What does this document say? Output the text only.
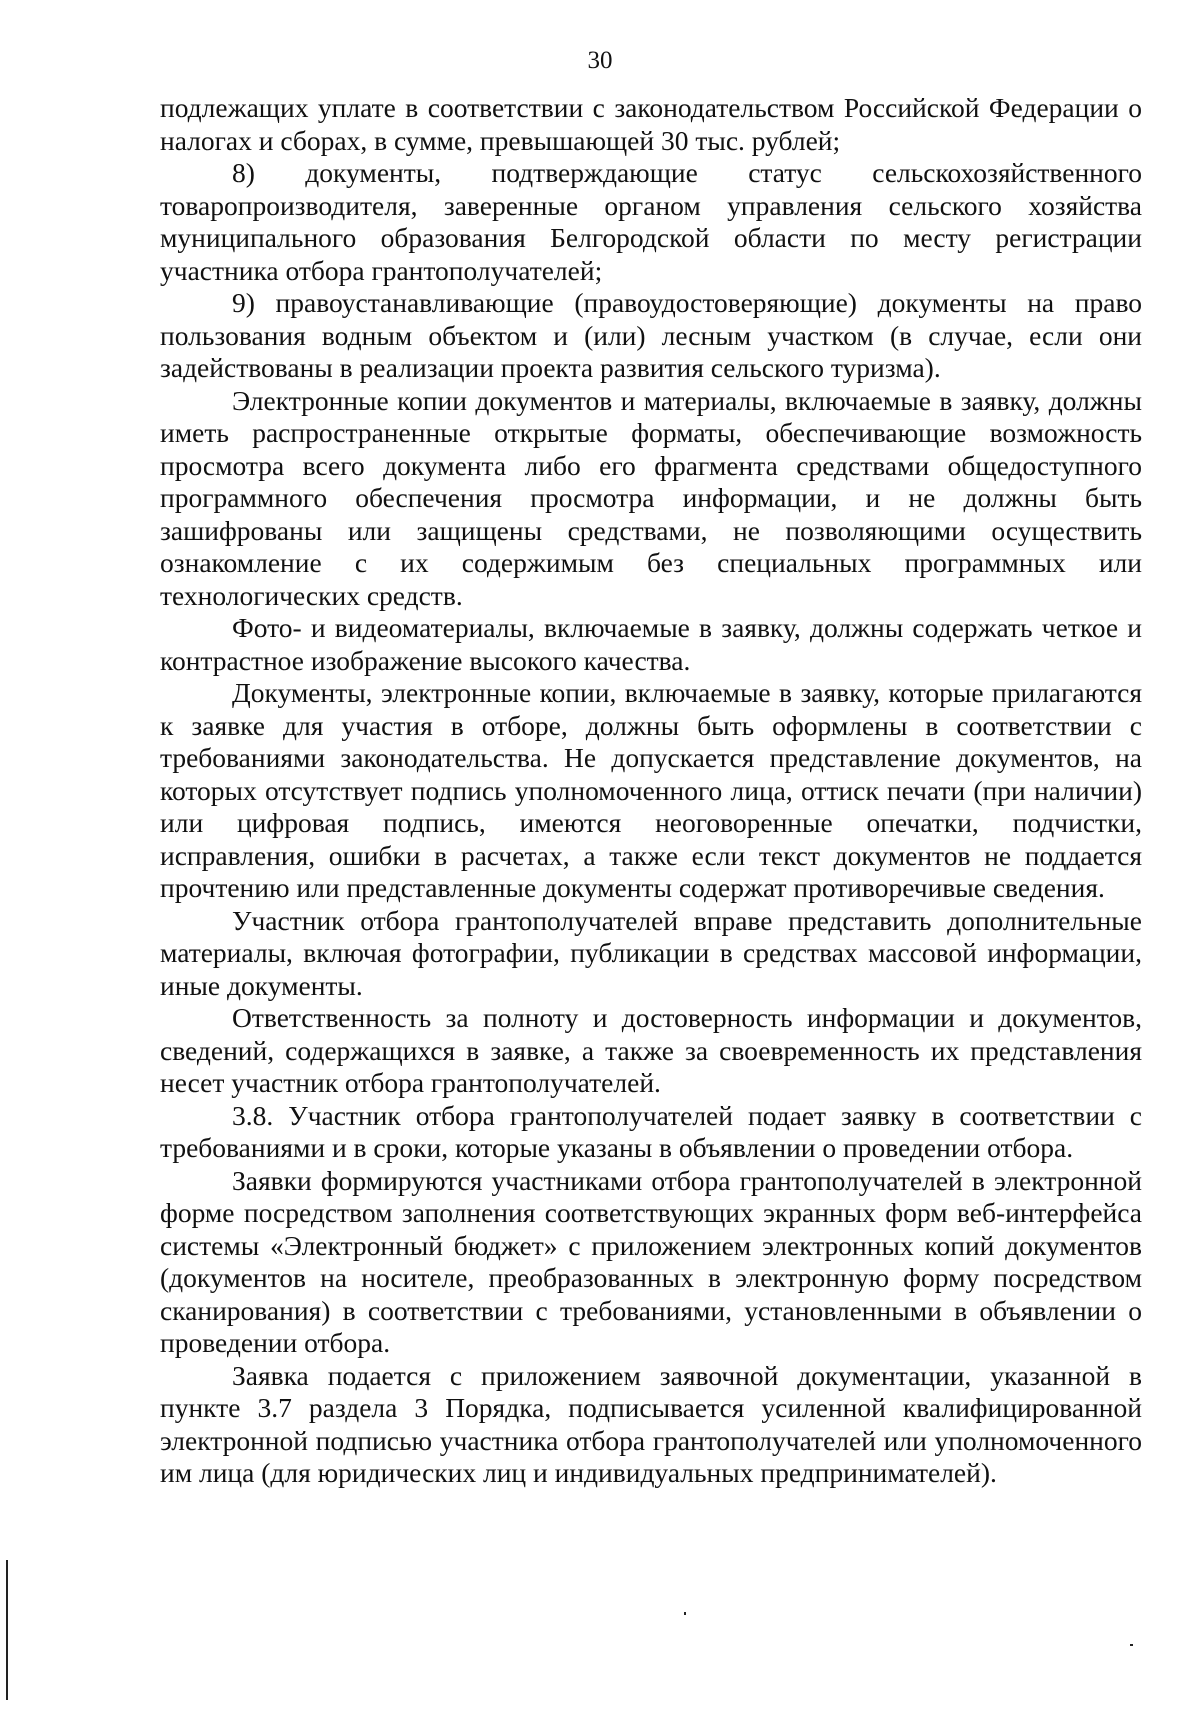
30

подлежащих уплате в соответствии с законодательством Российской Федерации о налогах и сборах, в сумме, превышающей 30 тыс. рублей;

8) документы, подтверждающие статус сельскохозяйственного товаропроизводителя, заверенные органом управления сельского хозяйства муниципального образования Белгородской области по месту регистрации участника отбора грантополучателей;

9) правоустанавливающие (правоудостоверяющие) документы на право пользования водным объектом и (или) лесным участком (в случае, если они задействованы в реализации проекта развития сельского туризма).

Электронные копии документов и материалы, включаемые в заявку, должны иметь распространенные открытые форматы, обеспечивающие возможность просмотра всего документа либо его фрагмента средствами общедоступного программного обеспечения просмотра информации, и не должны быть зашифрованы или защищены средствами, не позволяющими осуществить ознакомление с их содержимым без специальных программных или технологических средств.

Фото- и видеоматериалы, включаемые в заявку, должны содержать четкое и контрастное изображение высокого качества.

Документы, электронные копии, включаемые в заявку, которые прилагаются к заявке для участия в отборе, должны быть оформлены в соответствии с требованиями законодательства. Не допускается представление документов, на которых отсутствует подпись уполномоченного лица, оттиск печати (при наличии) или цифровая подпись, имеются неоговоренные опечатки, подчистки, исправления, ошибки в расчетах, а также если текст документов не поддается прочтению или представленные документы содержат противоречивые сведения.

Участник отбора грантополучателей вправе представить дополнительные материалы, включая фотографии, публикации в средствах массовой информации, иные документы.

Ответственность за полноту и достоверность информации и документов, сведений, содержащихся в заявке, а также за своевременность их представления несет участник отбора грантополучателей.

3.8. Участник отбора грантополучателей подает заявку в соответствии с требованиями и в сроки, которые указаны в объявлении о проведении отбора.

Заявки формируются участниками отбора грантополучателей в электронной форме посредством заполнения соответствующих экранных форм веб-интерфейса системы «Электронный бюджет» с приложением электронных копий документов (документов на носителе, преобразованных в электронную форму посредством сканирования) в соответствии с требованиями, установленными в объявлении о проведении отбора.

Заявка подается с приложением заявочной документации, указанной в пункте 3.7 раздела 3 Порядка, подписывается усиленной квалифицированной электронной подписью участника отбора грантополучателей или уполномоченного им лица (для юридических лиц и индивидуальных предпринимателей).
